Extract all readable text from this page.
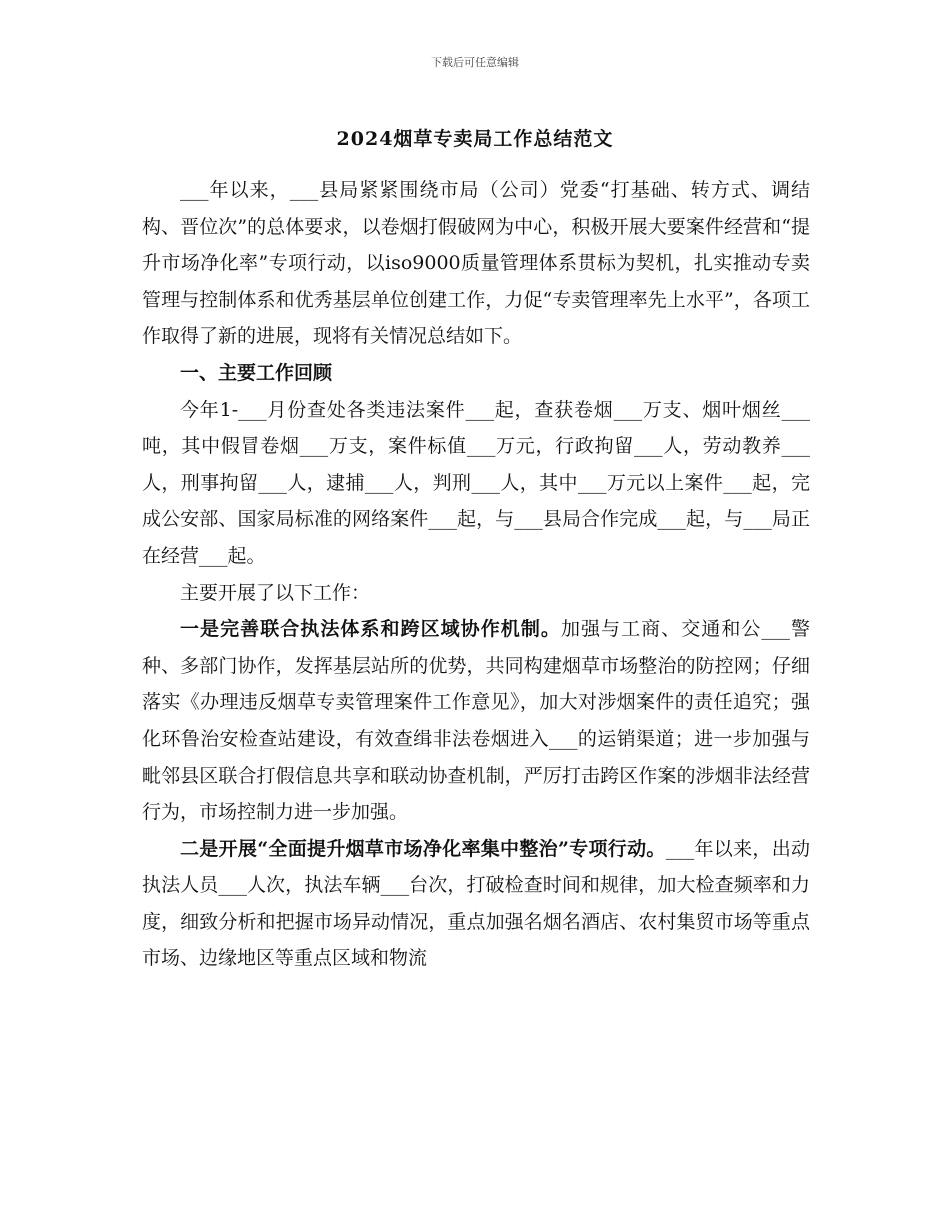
下载后可任意编辑
2024烟草专卖局工作总结范文

___年以来，___县局紧紧围绕市局（公司）党委“打基础、转方式、调结构、晋位次”的总体要求，以卷烟打假破网为中心，积极开展大要案件经营和“提升市场净化率”专项行动，以iso9000质量管理体系贯标为契机，扎实推动专卖管理与控制体系和优秀基层单位创建工作，力促“专卖管理率先上水平”，各项工作取得了新的进展，现将有关情况总结如下。

一、主要工作回顾

今年1-___月份查处各类违法案件___起，查获卷烟___万支、烟叶烟丝___吨，其中假冒卷烟___万支，案件标值___万元，行政拘留___人，劳动教养___人，刑事拘留___人，逮捕___人，判刑___人，其中___万元以上案件___起，完成公安部、国家局标准的网络案件___起，与___县局合作完成___起，与___局正在经营___起。

主要开展了以下工作：

一是完善联合执法体系和跨区域协作机制。加强与工商、交通和公___警种、多部门协作，发挥基层站所的优势，共同构建烟草市场整治的防控网；仔细落实《办理违反烟草专卖管理案件工作意见》，加大对涉烟案件的责任追究；强化环鲁治安检查站建设，有效查缉非法卷烟进入___的运销渠道；进一步加强与毗邻县区联合打假信息共享和联动协查机制，严厉打击跨区作案的涉烟非法经营行为，市场控制力进一步加强。

二是开展“全面提升烟草市场净化率集中整治”专项行动。___年以来，出动执法人员___人次，执法车辆___台次，打破检查时间和规律，加大检查频率和力度，细致分析和把握市场异动情况，重点加强名烟名酒店、农村集贸市场等重点市场、边缘地区等重点区域和物流
